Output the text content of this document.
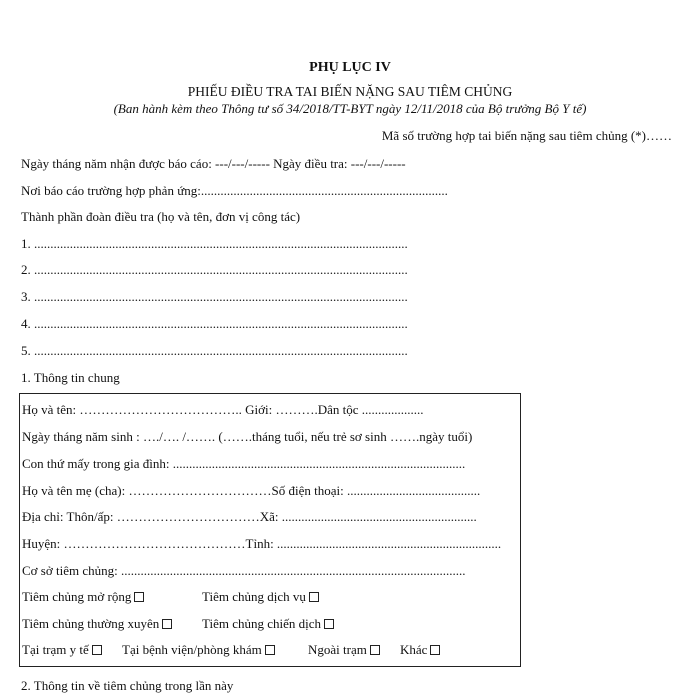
PHỤ LỤC IV
PHIẾU ĐIỀU TRA TAI BIẾN NẶNG SAU TIÊM CHỦNG
(Ban hành kèm theo Thông tư số 34/2018/TT-BYT ngày 12/11/2018 của Bộ trưởng Bộ Y tế)
Mã số trường hợp tai biến nặng sau tiêm chủng (*)……
Ngày tháng năm nhận được báo cáo: ---/---/----- Ngày điều tra: ---/---/-----
Nơi báo cáo trường hợp phản ứng:............................................................................
Thành phần đoàn điều tra (họ và tên, đơn vị công tác)
1. ...................................................................................................................
2. ...................................................................................................................
3. ...................................................................................................................
4. ...................................................................................................................
5. ...................................................................................................................
1. Thông tin chung
Họ và tên: ……………………………….. Giới: ……….Dân tộc ...................
Ngày tháng năm sinh : …./…. /……. (…….tháng tuổi, nếu trẻ sơ sinh …….ngày tuổi)
Con thứ mấy trong gia đình: ..........................................................................................
Họ và tên mẹ (cha): ……………………………Số điện thoại: .........................................
Địa chỉ: Thôn/ấp: ……………………………Xã: ............................................................
Huyện: ……………………………………Tỉnh: .....................................................................
Cơ sở tiêm chủng: ..........................................................................................................
Tiêm chủng mở rộng	Tiêm chủng dịch vụ
Tiêm chủng thường xuyên	Tiêm chủng chiến dịch
Tại trạm y tế	Tại bệnh viện/phòng khám	Ngoài trạm	Khác
2. Thông tin về tiêm chủng trong lần này
